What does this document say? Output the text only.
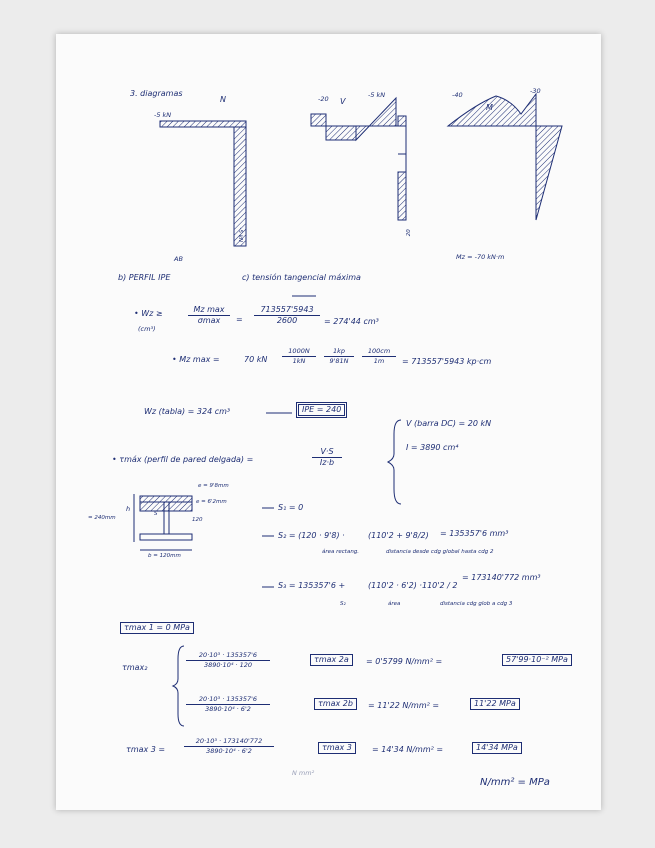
3. diagramas
N
-5 kN
-5 kN
-20 V
-5 kN
20
-40
M
-30
AB	Mz = -70 kN·m
b) PERFIL IPE	c) tensión tangencial máxima
• Wz ≥
(cm³)
Mz max
σmax	=
713557'5943
2600	= 274'44 cm³
• Mz max =	70 kN
1000N
1kN
1kp
9'81N
100cm
1m	= 713557'5943 kp·cm
Wz (tabla) = 324 cm³	IPE = 240
• τmáx (perfil de pared delgada) =
V·S
Iz·b
V (barra DC) = 20 kN
I = 3890 cm⁴
e = 9'8mm
e = 6'2mm
120
S
h
= 240mm
b = 120mm
S₁ = 0
S₂ = (120 · 9'8) ·	(110'2 + 9'8/2) = 135357'6 mm³
área rectang.	distancia desde cdg global hasta cdg 2
S₃ = 135357'6 +	(110'2 · 6'2) · 110'2 / 2
= 173140'772 mm³
S₂	área	distancia cdg glob a cdg 3
τmax 1 = 0 MPa
τmax₂
20·10³ · 135357'6
3890·10⁴ · 120
τmax 2a	= 0'5799 N/mm² =	57'99·10⁻² MPa
20·10³ · 135357'6
3890·10⁴ · 6'2
τmax 2b	= 11'22 N/mm² =	11'22 MPa
τmax 3 =
20·10³ · 173140'772
3890·10⁴ · 6'2	τmax 3	= 14'34 N/mm² =	14'34 MPa
N mm²
N/mm² = MPa
